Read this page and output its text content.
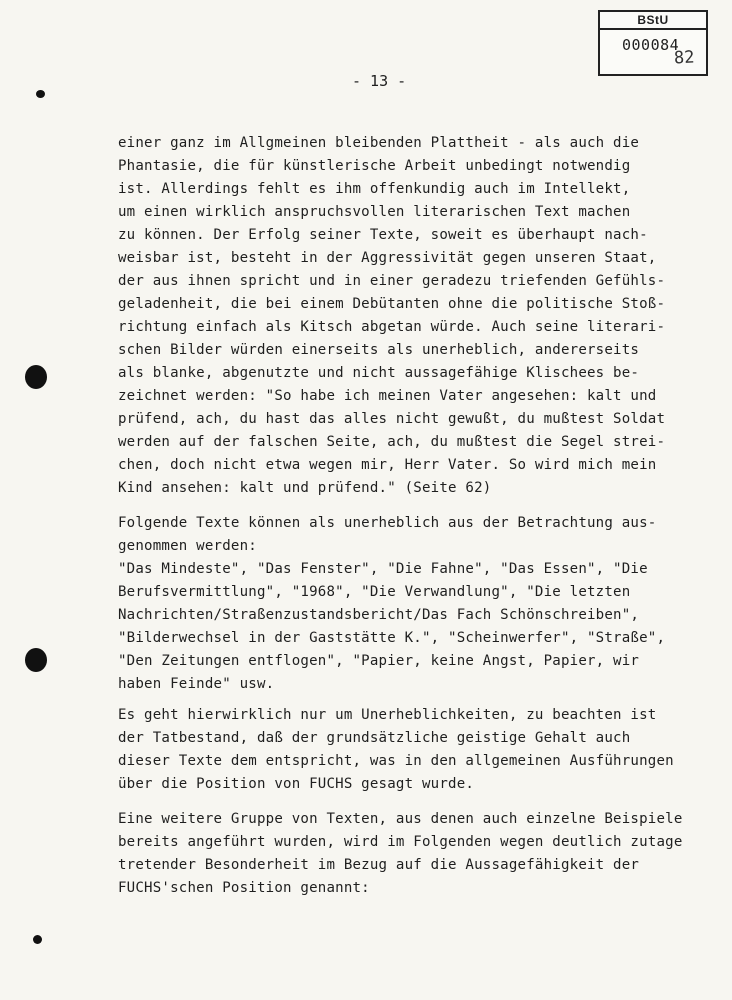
BStU
000084
82
- 13 -
einer ganz im Allgmeinen bleibenden Plattheit - als auch die
Phantasie, die für künstlerische Arbeit unbedingt notwendig
ist. Allerdings fehlt es ihm offenkundig auch im Intellekt,
um einen wirklich anspruchsvollen literarischen Text machen
zu können. Der Erfolg seiner Texte, soweit es überhaupt nach-
weisbar ist, besteht in der Aggressivität gegen unseren Staat,
der aus ihnen spricht und in einer geradezu triefenden Gefühls-
geladenheit, die bei einem Debütanten ohne die politische Stoß-
richtung einfach als Kitsch abgetan würde. Auch seine literari-
schen Bilder würden einerseits als unerheblich, andererseits
als blanke, abgenutzte und nicht aussagefähige Klischees be-
zeichnet werden: "So habe ich meinen Vater angesehen: kalt und
prüfend, ach, du hast das alles nicht gewußt, du mußtest Soldat
werden auf der falschen Seite, ach, du mußtest die Segel strei-
chen, doch nicht etwa wegen mir, Herr Vater. So wird mich mein
Kind ansehen: kalt und prüfend." (Seite 62)
Folgende Texte können als unerheblich aus der Betrachtung aus-
genommen werden:
"Das Mindeste", "Das Fenster", "Die Fahne", "Das Essen", "Die
Berufsvermittlung", "1968", "Die Verwandlung", "Die letzten
Nachrichten/Straßenzustandsbericht/Das Fach Schönschreiben",
"Bilderwechsel in der Gaststätte K.", "Scheinwerfer", "Straße",
"Den Zeitungen entflogen", "Papier, keine Angst, Papier, wir
haben Feinde" usw.
Es geht hierwirklich nur um Unerheblichkeiten, zu beachten ist
der Tatbestand, daß der grundsätzliche geistige Gehalt auch
dieser Texte dem entspricht, was in den allgemeinen Ausführungen
über die Position von FUCHS gesagt wurde.
Eine weitere Gruppe von Texten, aus denen auch einzelne Beispiele
bereits angeführt wurden, wird im Folgenden wegen deutlich zutage
tretender Besonderheit im Bezug auf die Aussagefähigkeit der
FUCHS'schen Position genannt:
